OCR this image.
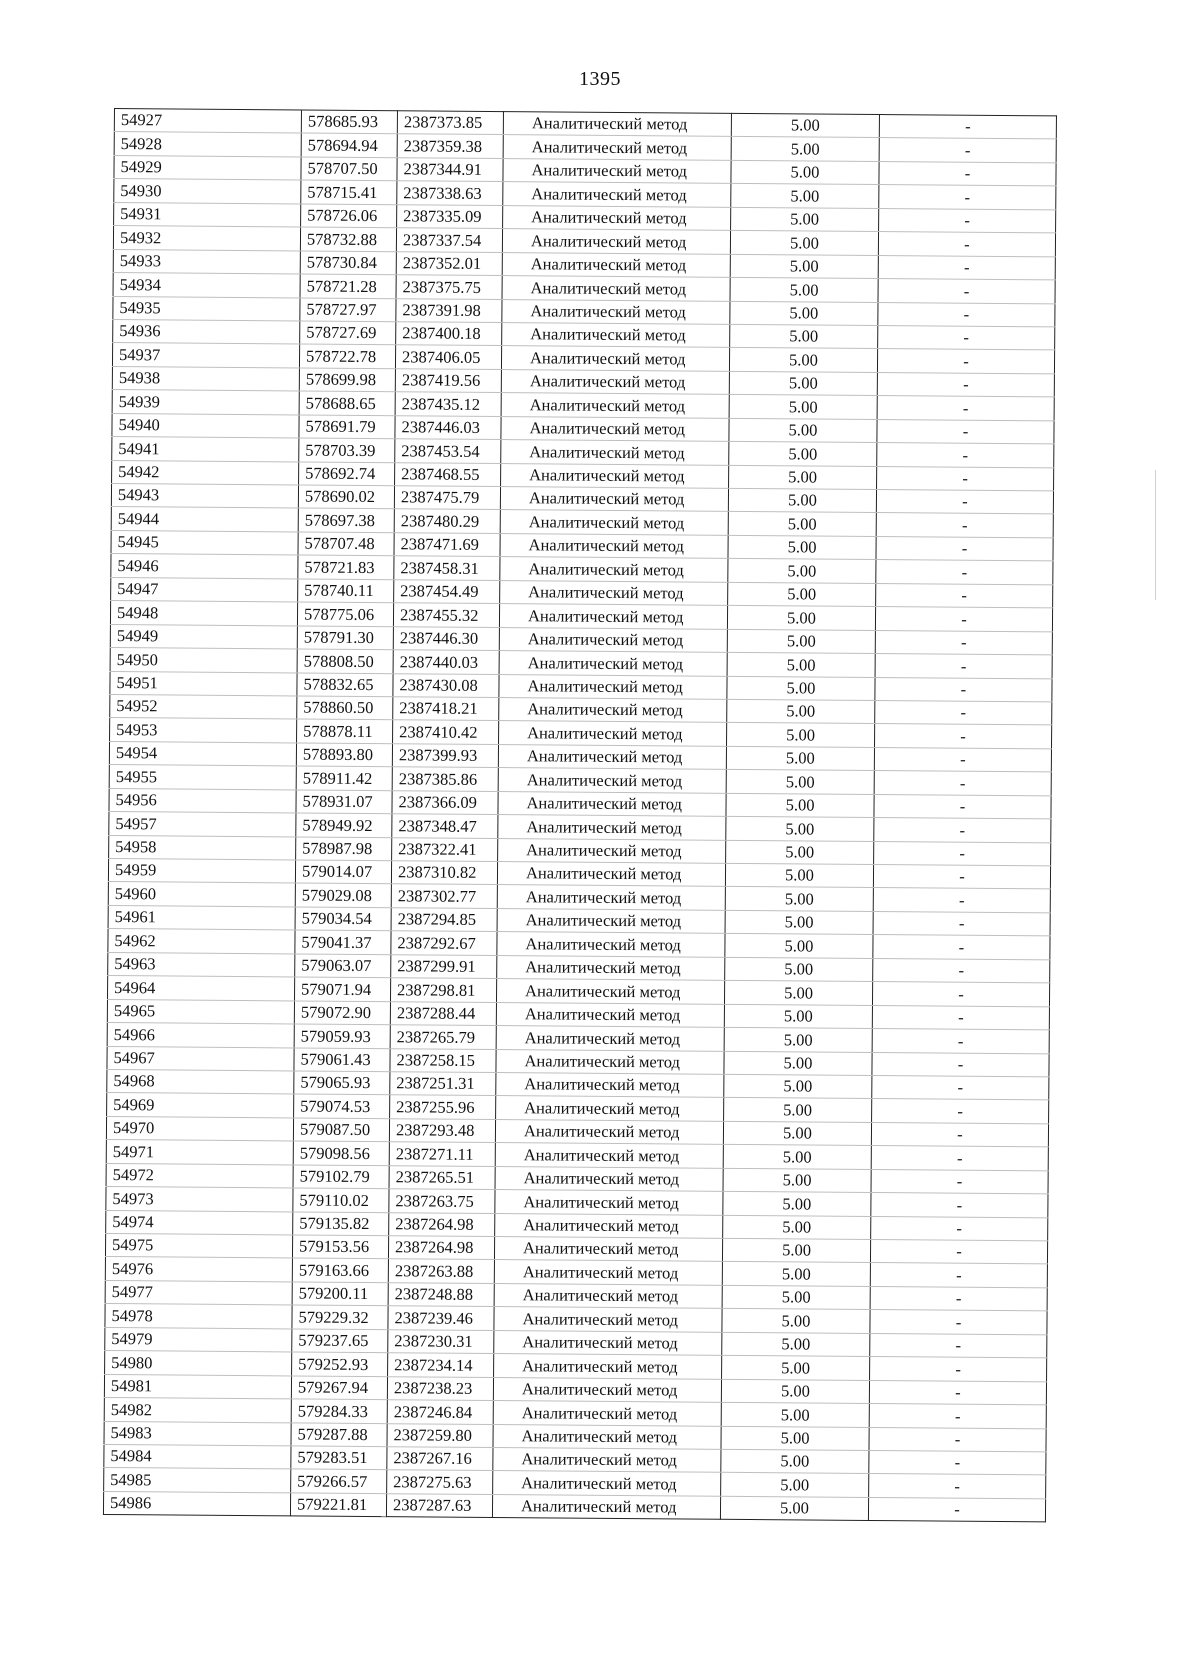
1395
54927	578685.93	2387373.85	Аналитический метод	5.00	-
54928	578694.94	2387359.38	Аналитический метод	5.00	-
54929	578707.50	2387344.91	Аналитический метод	5.00	-
54930	578715.41	2387338.63	Аналитический метод	5.00	-
54931	578726.06	2387335.09	Аналитический метод	5.00	-
54932	578732.88	2387337.54	Аналитический метод	5.00	-
54933	578730.84	2387352.01	Аналитический метод	5.00	-
54934	578721.28	2387375.75	Аналитический метод	5.00	-
54935	578727.97	2387391.98	Аналитический метод	5.00	-
54936	578727.69	2387400.18	Аналитический метод	5.00	-
54937	578722.78	2387406.05	Аналитический метод	5.00	-
54938	578699.98	2387419.56	Аналитический метод	5.00	-
54939	578688.65	2387435.12	Аналитический метод	5.00	-
54940	578691.79	2387446.03	Аналитический метод	5.00	-
54941	578703.39	2387453.54	Аналитический метод	5.00	-
54942	578692.74	2387468.55	Аналитический метод	5.00	-
54943	578690.02	2387475.79	Аналитический метод	5.00	-
54944	578697.38	2387480.29	Аналитический метод	5.00	-
54945	578707.48	2387471.69	Аналитический метод	5.00	-
54946	578721.83	2387458.31	Аналитический метод	5.00	-
54947	578740.11	2387454.49	Аналитический метод	5.00	-
54948	578775.06	2387455.32	Аналитический метод	5.00	-
54949	578791.30	2387446.30	Аналитический метод	5.00	-
54950	578808.50	2387440.03	Аналитический метод	5.00	-
54951	578832.65	2387430.08	Аналитический метод	5.00	-
54952	578860.50	2387418.21	Аналитический метод	5.00	-
54953	578878.11	2387410.42	Аналитический метод	5.00	-
54954	578893.80	2387399.93	Аналитический метод	5.00	-
54955	578911.42	2387385.86	Аналитический метод	5.00	-
54956	578931.07	2387366.09	Аналитический метод	5.00	-
54957	578949.92	2387348.47	Аналитический метод	5.00	-
54958	578987.98	2387322.41	Аналитический метод	5.00	-
54959	579014.07	2387310.82	Аналитический метод	5.00	-
54960	579029.08	2387302.77	Аналитический метод	5.00	-
54961	579034.54	2387294.85	Аналитический метод	5.00	-
54962	579041.37	2387292.67	Аналитический метод	5.00	-
54963	579063.07	2387299.91	Аналитический метод	5.00	-
54964	579071.94	2387298.81	Аналитический метод	5.00	-
54965	579072.90	2387288.44	Аналитический метод	5.00	-
54966	579059.93	2387265.79	Аналитический метод	5.00	-
54967	579061.43	2387258.15	Аналитический метод	5.00	-
54968	579065.93	2387251.31	Аналитический метод	5.00	-
54969	579074.53	2387255.96	Аналитический метод	5.00	-
54970	579087.50	2387293.48	Аналитический метод	5.00	-
54971	579098.56	2387271.11	Аналитический метод	5.00	-
54972	579102.79	2387265.51	Аналитический метод	5.00	-
54973	579110.02	2387263.75	Аналитический метод	5.00	-
54974	579135.82	2387264.98	Аналитический метод	5.00	-
54975	579153.56	2387264.98	Аналитический метод	5.00	-
54976	579163.66	2387263.88	Аналитический метод	5.00	-
54977	579200.11	2387248.88	Аналитический метод	5.00	-
54978	579229.32	2387239.46	Аналитический метод	5.00	-
54979	579237.65	2387230.31	Аналитический метод	5.00	-
54980	579252.93	2387234.14	Аналитический метод	5.00	-
54981	579267.94	2387238.23	Аналитический метод	5.00	-
54982	579284.33	2387246.84	Аналитический метод	5.00	-
54983	579287.88	2387259.80	Аналитический метод	5.00	-
54984	579283.51	2387267.16	Аналитический метод	5.00	-
54985	579266.57	2387275.63	Аналитический метод	5.00	-
54986	579221.81	2387287.63	Аналитический метод	5.00	-
